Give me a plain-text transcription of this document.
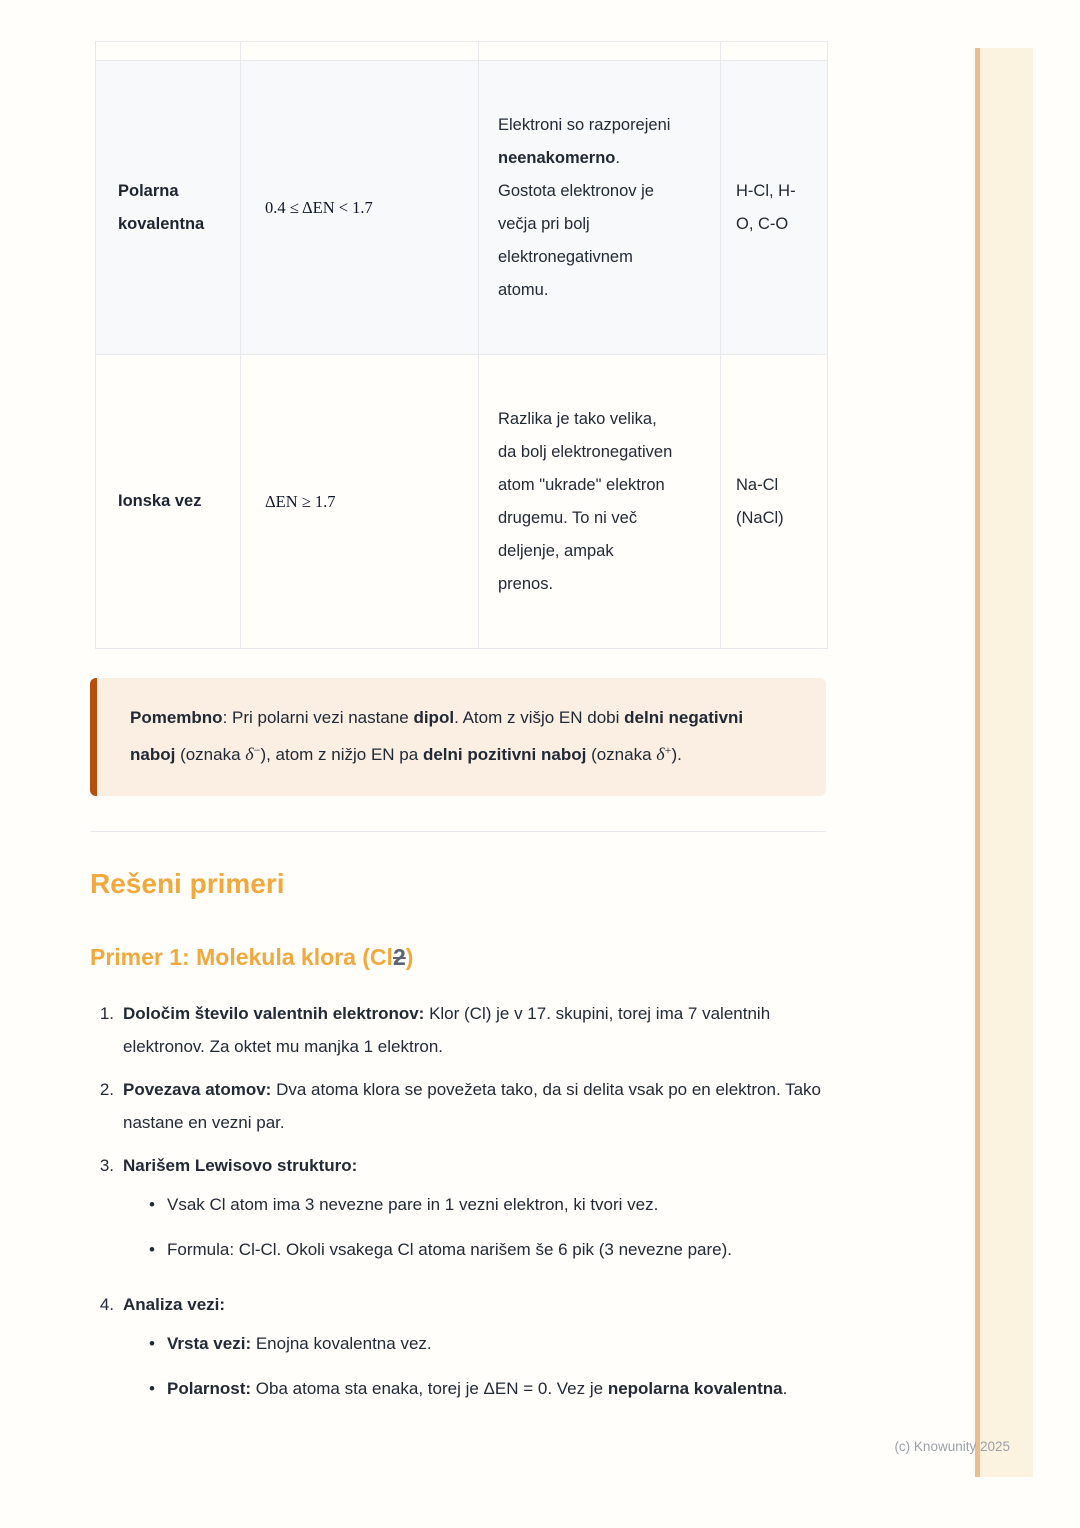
Polarna kovalentna	0.4 ≤ ΔEN < 1.7	Elektroni so razporejeni neenakomerno. Gostota elektronov je večja pri bolj elektronegativnem atomu.	H-Cl, H-O, C-O
Ionska vez	ΔEN ≥ 1.7	Razlika je tako velika, da bolj elektronegativen atom "ukrade" elektron drugemu. To ni več deljenje, ampak prenos.	Na-Cl (NaCl)
Pomembno: Pri polarni vezi nastane dipol. Atom z višjo EN dobi delni negativni naboj (oznaka δ−), atom z nižjo EN pa delni pozitivni naboj (oznaka δ+).
Rešeni primeri
Primer 1: Molekula klora (Cl2)
1. Določim število valentnih elektronov: Klor (Cl) je v 17. skupini, torej ima 7 valentnih elektronov. Za oktet mu manjka 1 elektron.
2. Povezava atomov: Dva atoma klora se povežeta tako, da si delita vsak po en elektron. Tako nastane en vezni par.
3. Narišem Lewisovo strukturo:
• Vsak Cl atom ima 3 nevezne pare in 1 vezni elektron, ki tvori vez.
• Formula: Cl-Cl. Okoli vsakega Cl atoma narišem še 6 pik (3 nevezne pare).
4. Analiza vezi:
• Vrsta vezi: Enojna kovalentna vez.
• Polarnost: Oba atoma sta enaka, torej je ΔEN = 0. Vez je nepolarna kovalentna.
(c) Knowunity 2025
